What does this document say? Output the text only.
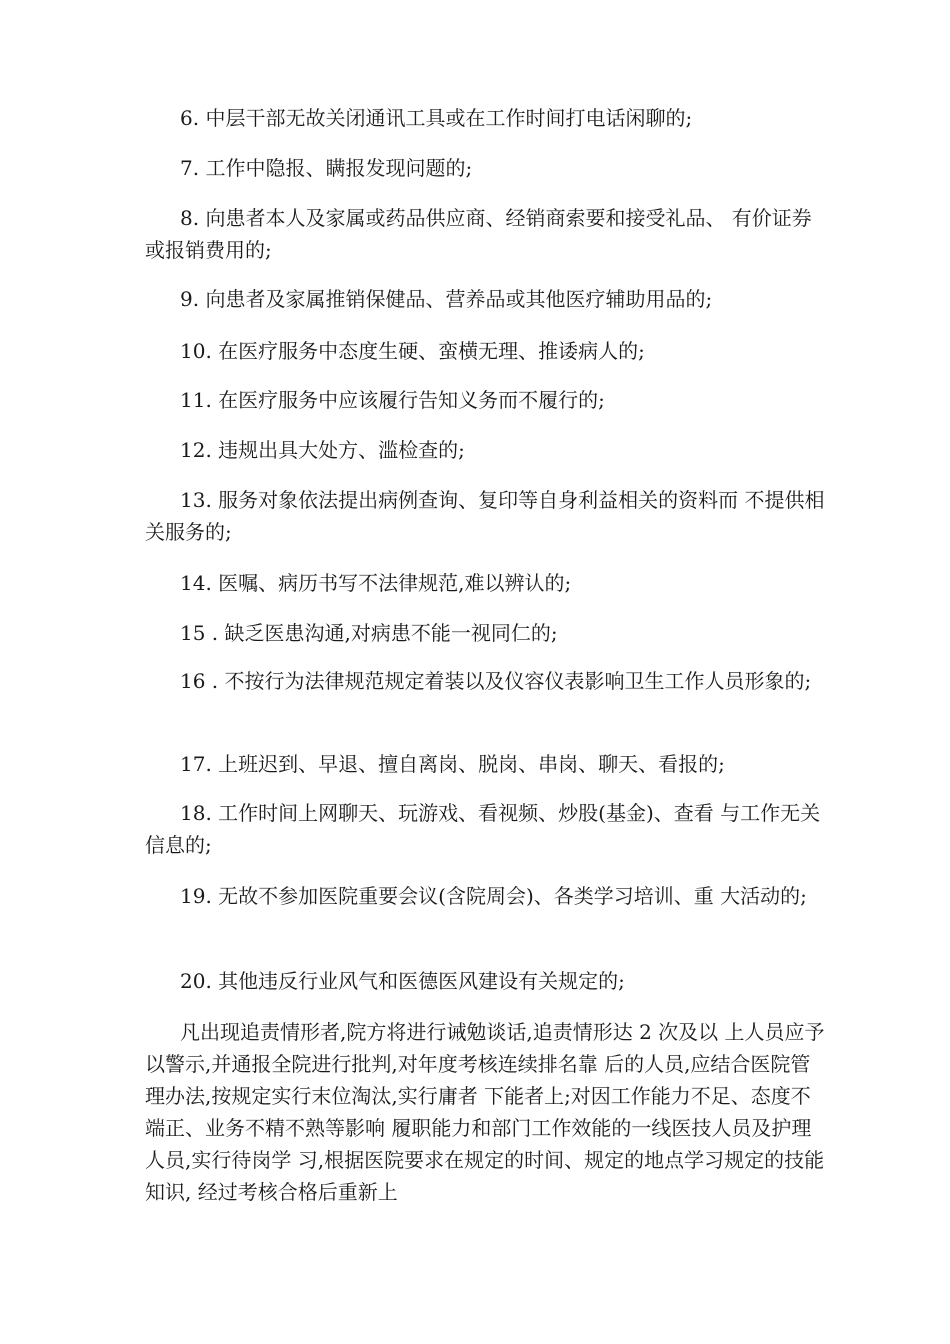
6. 中层干部无故关闭通讯工具或在工作时间打电话闲聊的;

7. 工作中隐报、瞒报发现问题的;

8. 向患者本人及家属或药品供应商、经销商索要和接受礼品、 有价证券或报销费用的;

9. 向患者及家属推销保健品、营养品或其他医疗辅助用品的;

10. 在医疗服务中态度生硬、蛮横无理、推诿病人的;

11. 在医疗服务中应该履行告知义务而不履行的;

12. 违规出具大处方、滥检查的;

13. 服务对象依法提出病例查询、复印等自身利益相关的资料而 不提供相关服务的;

14. 医嘱、病历书写不法律规范,难以辨认的;

15 . 缺乏医患沟通,对病患不能一视同仁的;

16 . 不按行为法律规范规定着装以及仪容仪表影响卫生工作人员形象的;

17. 上班迟到、早退、擅自离岗、脱岗、串岗、聊天、看报的;

18. 工作时间上网聊天、玩游戏、看视频、炒股(基金)、查看 与工作无关信息的;

19. 无故不参加医院重要会议(含院周会)、各类学习培训、重 大活动的;

20. 其他违反行业风气和医德医风建设有关规定的;

凡出现追责情形者,院方将进行诫勉谈话,追责情形达 2 次及以 上人员应予以警示,并通报全院进行批判,对年度考核连续排名靠 后的人员,应结合医院管理办法,按规定实行末位淘汰,实行庸者 下能者上;对因工作能力不足、态度不端正、业务不精不熟等影响 履职能力和部门工作效能的一线医技人员及护理人员,实行待岗学 习,根据医院要求在规定的时间、规定的地点学习规定的技能知识, 经过考核合格后重新上
